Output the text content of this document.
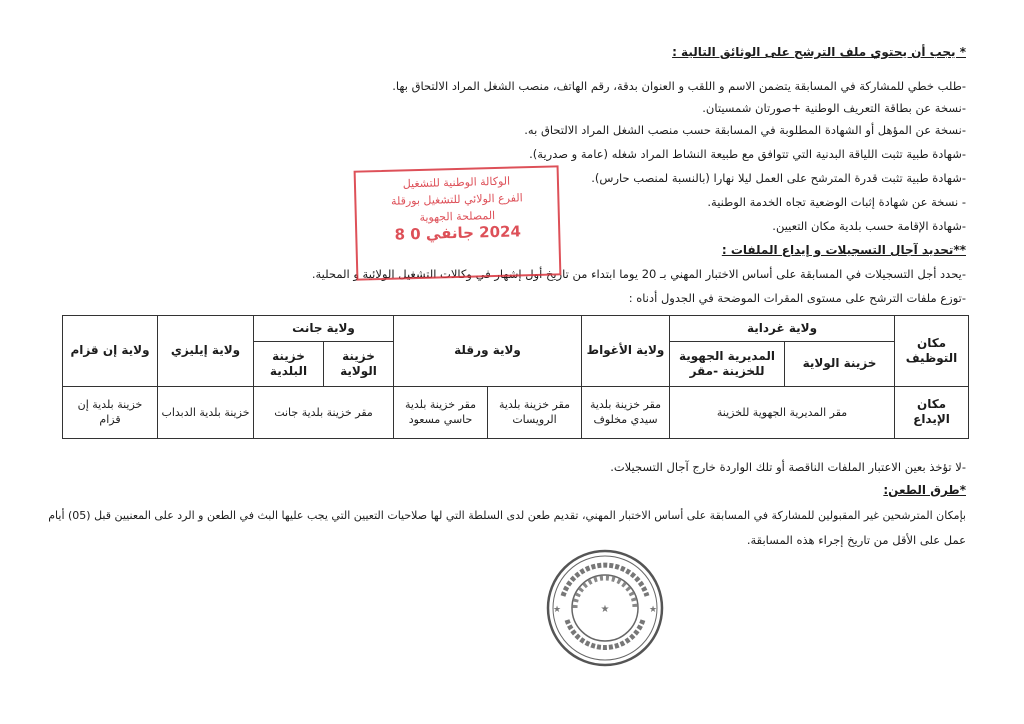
* يجب أن يحتوي ملف الترشح على الوثائق التالية :
-طلب خطي للمشاركة في المسابقة يتضمن الاسم و اللقب و العنوان بدقة، رقم الهاتف، منصب الشغل المراد الالتحاق بها.
-نسخة عن بطاقة التعريف الوطنية +صورتان شمسيتان.
-نسخة عن المؤهل أو الشهادة المطلوبة في المسابقة حسب منصب الشغل المراد الالتحاق به.
-شهادة طبية تثبت اللياقة البدنية التي تتوافق مع طبيعة النشاط المراد شغله (عامة و صدرية).
-شهادة طبية تثبت قدرة المترشح على العمل ليلا نهارا (بالنسبة لمنصب حارس).
- نسخة عن شهادة إثبات الوضعية تجاه الخدمة الوطنية.
-شهادة الإقامة حسب بلدية مكان التعيين.
**تحديد آجال التسجيلات و إيداع الملفات :
-يحدد أجل التسجيلات في المسابقة على أساس الاختبار المهني بـ 20 يوما ابتداء من تاريخ أول إشهار في وكالات التشغيل الولائية و المحلية.
-توزع ملفات الترشح على مستوى المقرات الموضحة في الجدول أدناه :
مكان التوظيف	ولاية غرداية		ولاية الأغواط	ولاية ورقلة		ولاية جانت		ولاية إيليزي	ولاية إن قزام
	خزينة الولاية	المديرية الجهوية للخزينة -مقر				خزينة الولاية	خزينة البلدية		
مكان الإيداع	مقر المديرية الجهوية للخزينة		مقر خزينة بلدية سيدي مخلوف	مقر خزينة بلدية الرويسات	مقر خزينة بلدية حاسي مسعود	مقر خزينة بلدية جانت		خزينة بلدية الدبداب	خزينة بلدية إن قزام
-لا تؤخذ بعين الاعتبار الملفات الناقصة أو تلك الواردة خارج آجال التسجيلات.
*طرق الطعن:
بإمكان المترشحين غير المقبولين للمشاركة في المسابقة على أساس الاختبار المهني، تقديم طعن لدى السلطة التي لها صلاحيات التعيين التي يجب عليها البث في الطعن و الرد على المعنيين قبل (05) أيام
عمل على الأقل من تاريخ إجراء هذه المسابقة.
الوكالة الوطنية للتشغيل
الفرع الولائي للتشغيل بورقلة
المصلحة الجهوية
2024 جانفي 0 8
★
★	★
